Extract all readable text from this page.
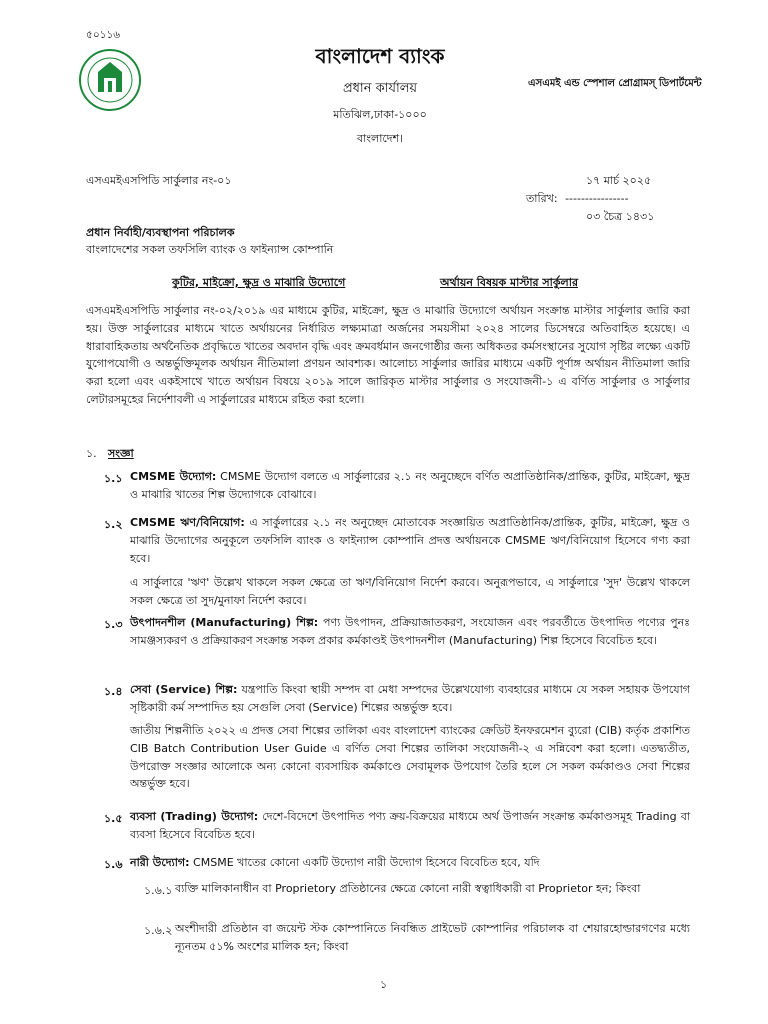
৫০১১৬
বাংলাদেশ ব্যাংক
প্রধান কার্যালয়
মতিঝিল,ঢাকা-১০০০
বাংলাদেশ।
এসএমই এন্ড স্পেশাল প্রোগ্রামস্ ডিপার্টমেন্ট
এসএমইএসপিডি সার্কুলার নং-০১	১৭ মার্চ ২০২৫
তারিখ: ----------------
০৩ চৈত্র ১৪৩১
প্রধান নির্বাহী/ব্যবস্থাপনা পরিচালক
বাংলাদেশের সকল তফসিলি ব্যাংক ও ফাইন্যান্স কোম্পানি
কুটির, মাইক্রো, ক্ষুদ্র ও মাঝারি উদ্যোগে	অর্থায়ন বিষয়ক মাস্টার সার্কুলার
এসএমইএসপিডি সার্কুলার নং-০২/২০১৯ এর মাধ্যমে কুটির, মাইক্রো, ক্ষুদ্র ও মাঝারি উদ্যোগে অর্থায়ন সংক্রান্ত মাস্টার সার্কুলার জারি করা হয়। উক্ত সার্কুলারের মাধ্যমে খাতে অর্থায়নের নির্ধারিত লক্ষ্যমাত্রা অর্জনের সময়সীমা ২০২৪ সালের ডিসেম্বরে অতিবাহিত হয়েছে। এ ধারাবাহিকতায় অর্থনৈতিক প্রবৃদ্ধিতে খাতের অবদান বৃদ্ধি এবং ক্রমবর্ধমান জনগোষ্ঠীর জন্য অধিকতর কর্মসংস্থানের সুযোগ সৃষ্টির লক্ষ্যে একটি যুগোপযোগী ও অন্তর্ভুক্তিমূলক অর্থায়ন নীতিমালা প্রণয়ন আবশ্যক। আলোচ্য সার্কুলার জারির মাধ্যমে একটি পূর্ণাঙ্গ অর্থায়ন নীতিমালা জারি করা হলো এবং একইসাথে খাতে অর্থায়ন বিষয়ে ২০১৯ সালে জারিকৃত মাস্টার সার্কুলার ও সংযোজনী-১ এ বর্ণিত সার্কুলার ও সার্কুলার লেটারসমূহের নির্দেশাবলী এ সার্কুলারের মাধ্যমে রহিত করা হলো।
১. সংজ্ঞা
১.১ CMSME উদ্যোগ: CMSME উদ্যোগ বলতে এ সার্কুলারের ২.১ নং অনুচ্ছেদে বর্ণিত অপ্রাতিষ্ঠানিক/প্রান্তিক, কুটির, মাইক্রো, ক্ষুদ্র ও মাঝারি খাতের শিল্প উদ্যোগকে বোঝাবে।
১.২ CMSME ঋণ/বিনিয়োগ: এ সার্কুলারের ২.১ নং অনুচ্ছেদ মোতাবেক সংজ্ঞায়িত অপ্রাতিষ্ঠানিক/প্রান্তিক, কুটির, মাইক্রো, ক্ষুদ্র ও মাঝারি উদ্যোগের অনুকূলে তফসিলি ব্যাংক ও ফাইন্যান্স কোম্পানি প্রদত্ত অর্থায়নকে CMSME ঋণ/বিনিয়োগ হিসেবে গণ্য করা হবে।
এ সার্কুলারে 'ঋণ' উল্লেখ থাকলে সকল ক্ষেত্রে তা ঋণ/বিনিয়োগ নির্দেশ করবে। অনুরূপভাবে, এ সার্কুলারে 'সুদ' উল্লেখ থাকলে সকল ক্ষেত্রে তা সুদ/মুনাফা নির্দেশ করবে।
১.৩ উৎপাদনশীল (Manufacturing) শিল্প: পণ্য উৎপাদন, প্রক্রিয়াজাতকরণ, সংযোজন এবং পরবর্তীতে উৎপাদিত পণ্যের পুনঃ সামঞ্জস্যকরণ ও প্রক্রিয়াকরণ সংক্রান্ত সকল প্রকার কর্মকাণ্ডই উৎপাদনশীল (Manufacturing) শিল্প হিসেবে বিবেচিত হবে।
১.৪ সেবা (Service) শিল্প: যন্ত্রপাতি কিংবা স্থায়ী সম্পদ বা মেধা সম্পদের উল্লেখযোগ্য ব্যবহারের মাধ্যমে যে সকল সহায়ক উপযোগ সৃষ্টিকারী কর্ম সম্পাদিত হয় সেগুলি সেবা (Service) শিল্পের অন্তর্ভুক্ত হবে।
জাতীয় শিল্পনীতি ২০২২ এ প্রদত্ত সেবা শিল্পের তালিকা এবং বাংলাদেশ ব্যাংকের ক্রেডিট ইনফরমেশন ব্যুরো (CIB) কর্তৃক প্রকাশিত CIB Batch Contribution User Guide এ বর্ণিত সেবা শিল্পের তালিকা সংযোজনী-২ এ সন্নিবেশ করা হলো। এতদ্ব্যতীত, উপরোক্ত সংজ্ঞার আলোকে অন্য কোনো ব্যবসায়িক কর্মকাণ্ডে সেবামূলক উপযোগ তৈরি হলে সে সকল কর্মকাণ্ডও সেবা শিল্পের অন্তর্ভুক্ত হবে।
১.৫ ব্যবসা (Trading) উদ্যোগ: দেশে-বিদেশে উৎপাদিত পণ্য ক্রয়-বিক্রয়ের মাধ্যমে অর্থ উপার্জন সংক্রান্ত কর্মকাণ্ডসমূহ Trading বা ব্যবসা হিসেবে বিবেচিত হবে।
১.৬ নারী উদ্যোগ: CMSME খাতের কোনো একটি উদ্যোগ নারী উদ্যোগ হিসেবে বিবেচিত হবে, যদি
১.৬.১ ব্যক্তি মালিকানাধীন বা Proprietory প্রতিষ্ঠানের ক্ষেত্রে কোনো নারী স্বত্বাধিকারী বা Proprietor হন; কিংবা
১.৬.২ অংশীদারী প্রতিষ্ঠান বা জয়েন্ট স্টক কোম্পানিতে নিবন্ধিত প্রাইভেট কোম্পানির পরিচালক বা শেয়ারহোল্ডারগণের মধ্যে ন্যূনতম ৫১% অংশের মালিক হন; কিংবা
১
